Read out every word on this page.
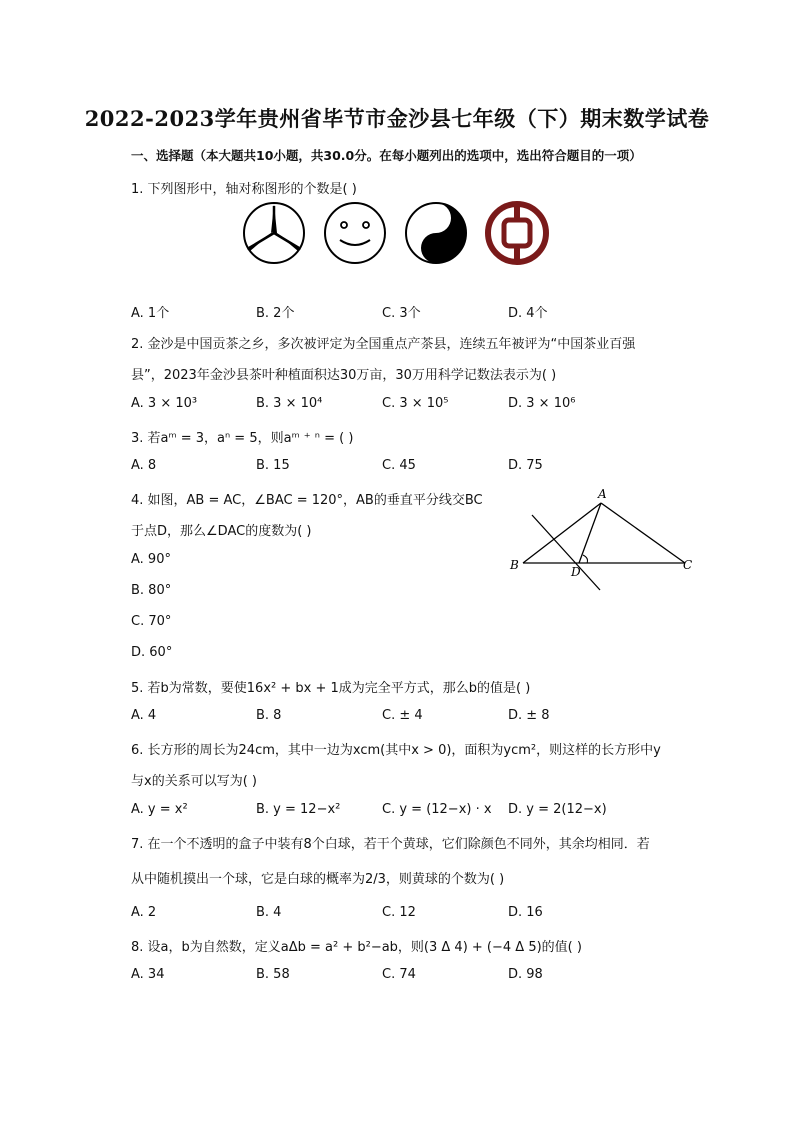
2022-2023学年贵州省毕节市金沙县七年级（下）期末数学试卷
一、选择题（本大题共10小题，共30.0分。在每小题列出的选项中，选出符合题目的一项）
1. 下列图形中，轴对称图形的个数是( )
A. 1个	B. 2个	C. 3个	D. 4个
2. 金沙是中国贡茶之乡，多次被评定为全国重点产茶县，连续五年被评为“中国茶业百强
县”，2023年金沙县茶叶种植面积达30万亩，30万用科学记数法表示为( )
A. 3 × 10³	B. 3 × 10⁴	C. 3 × 10⁵	D. 3 × 10⁶
3. 若aᵐ = 3，aⁿ = 5，则aᵐ ⁺ ⁿ = ( )
A. 8	B. 15	C. 45	D. 75
4. 如图，AB = AC，∠BAC = 120°，AB的垂直平分线交BC
于点D，那么∠DAC的度数为( )
A. 90°
B. 80°
C. 70°
D. 60°
A
B	C
D
5. 若b为常数，要使16x² + bx + 1成为完全平方式，那么b的值是( )
A. 4	B. 8	C. ± 4	D. ± 8
6. 长方形的周长为24cm，其中一边为xcm(其中x > 0)，面积为ycm²，则这样的长方形中y
与x的关系可以写为( )
A. y = x²	B. y = 12−x²	C. y = (12−x) · x D. y = 2(12−x)
7. 在一个不透明的盒子中装有8个白球，若干个黄球，它们除颜色不同外，其余均相同．若
从中随机摸出一个球，它是白球的概率为2/3，则黄球的个数为( )
A. 2	B. 4	C. 12	D. 16
8. 设a，b为自然数，定义aΔb = a² + b²−ab，则(3 Δ 4) + (−4 Δ 5)的值( )
A. 34	B. 58	C. 74	D. 98
